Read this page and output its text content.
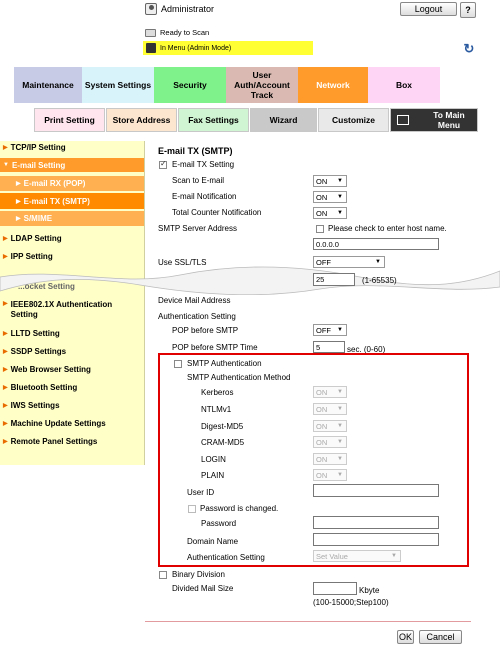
Administrator	Logout	?
Ready to Scan
In Menu (Admin Mode)	↻
Maintenance	System Settings	Security
User Auth/Account Track
Network	Box
Print Setting	Store Address	Fax Settings	Wizard	Customize	To Main Menu
▶ TCP/IP Setting
▼ E-mail Setting
▶ E-mail RX (POP)
▶ E-mail TX (SMTP)
▶ S/MIME
▶ LDAP Setting
▶ IPP Setting
...ocket Setting
▶ IEEE802.1X Authentication Setting
▶ LLTD Setting
▶ SSDP Settings
▶ Web Browser Setting
▶ Bluetooth Setting
▶ IWS Settings
▶ Machine Update Settings
▶ Remote Panel Settings
E-mail TX (SMTP)
✓
E-mail TX Setting
Scan to E-mail	ON ▼
E-mail Notification	ON ▼
Total Counter Notification	ON ▼
SMTP Server Address	Please check to enter host name.
0.0.0.0
Use SSL/TLS	OFF	▼
25	(1-65535)
Device Mail Address
Authentication Setting
POP before SMTP	OFF ▼
POP before SMTP Time	5	sec. (0-60)
SMTP Authentication
SMTP Authentication Method
Kerberos	ON ▼
NTLMv1	ON ▼
Digest-MD5	ON ▼
CRAM-MD5	ON ▼
LOGIN	ON ▼
PLAIN	ON ▼
User ID
Password is changed.
Password
Domain Name
Authentication Setting	Set Value	▼
Binary Division
Divided Mail Size	Kbyte
(100-15000;Step100)
OK	Cancel
